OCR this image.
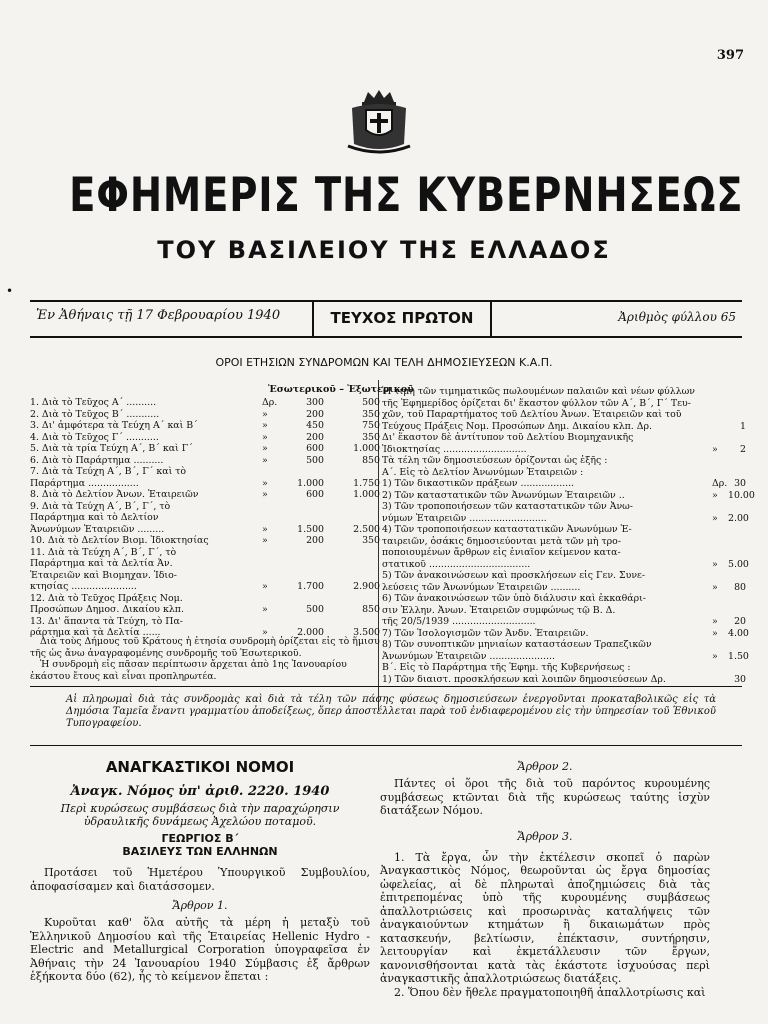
397
ΕΦΗΜΕΡΙΣ ΤΗΣ ΚΥΒΕΡΝΗΣΕΩΣ
ΤΟΥ ΒΑΣΙΛΕΙΟΥ ΤΗΣ ΕΛΛΑΔΟΣ
•
Ἐν Ἀθήναις τῇ 17 Φεβρουαρίου 1940	ΤΕΥΧΟΣ ΠΡΩΤΟΝ	Ἀριθμὸς φύλλου 65
ΟΡΟΙ ΕΤΗΣΙΩΝ ΣΥΝΔΡΟΜΩΝ ΚΑΙ ΤΕΛΗ ΔΗΜΟΣΙΕΥΣΕΩΝ Κ.Α.Π.
Ἐσωτερικοῦ – Ἐξωτερικοῦ
1. Διὰ τὸ Τεῦχος Α΄ ..........	Δρ.	300	500
2. Διὰ τὸ Τεῦχος Β΄ ...........	»	200	350
3. Δι' ἀμφότερα τὰ Τεύχη Α΄ καὶ Β΄	»	450	750
4. Διὰ τὸ Τεῦχος Γ΄ ...........	»	200	350
5. Διὰ τὰ τρία Τεύχη Α΄, Β΄ καὶ Γ΄	»	600	1.000
6. Διὰ τὸ Παράρτημα ..........	»	500	850
7. Διὰ τὰ Τεύχη Α΄, Β΄, Γ΄ καὶ τὸ
Παράρτημα .................	»	1.000	1.750
8. Διὰ τὸ Δελτίον Ἀνων. Ἑταιρειῶν	»	600	1.000
9. Διὰ τὰ Τεύχη Α΄, Β΄, Γ΄, τὸ
Παράρτημα καὶ τὸ Δελτίον
Ἀνωνύμων Ἑταιρειῶν .........	»	1.500	2.500
10. Διὰ τὸ Δελτίον Βιομ. Ἰδιοκτησίας	»	200	350
11. Διὰ τὰ Τεύχη Α΄, Β΄, Γ΄, τὸ
Παράρτημα καὶ τὰ Δελτία Ἀν.
Ἑταιρειῶν καὶ Βιομηχαν. Ἰδιο-
κτησίας ......................	»	1.700	2.900
12. Διὰ τὸ Τεῦχος Πράξεις Νομ.
Προσώπων Δημοσ. Δικαίου κλπ.	»	500	850
13. Δι' ἅπαντα τὰ Τεύχη, τὸ Πα-
ράρτημα καὶ τὰ Δελτία ......	»	2.000	3.500

Διὰ τοὺς Δήμους τοῦ Κράτους ἡ ἐτησία συνδρομὴ ὁρίζεται εἰς τὸ ἥμισυ τῆς ὡς ἄνω ἀναγραφομένης συνδρομῆς τοῦ Ἐσωτερικοῦ.

Ἡ συνδρομὴ εἰς πᾶσαν περίπτωσιν ἄρχεται ἀπὸ 1ης Ἰανουαρίου ἑκάστου ἔτους καὶ εἶναι προπληρωτέα.

Ἡ τιμὴ τῶν τιμηματικῶς πωλουμένων παλαιῶν καὶ νέων φύλλων
τῆς Ἐφημερίδος ὁρίζεται δι' ἕκαστον φύλλον τῶν Α΄, Β΄, Γ΄ Τευ-
χῶν, τοῦ Παραρτήματος τοῦ Δελτίου Ἀνων. Ἑταιρειῶν καὶ τοῦ
Τεύχους Πράξεις Νομ. Προσώπων Δημ. Δικαίου κλπ. Δρ.	1
Δι' ἕκαστον δὲ ἀντίτυπον τοῦ Δελτίου Βιομηχανικῆς
Ἰδιοκτησίας ............................	»	2
Τὰ τέλη τῶν δημοσιεύσεων ὁρίζονται ὡς ἑξῆς :
Α΄. Εἰς τὸ Δελτίον Ἀνωνύμων Ἑταιρειῶν :
1) Τῶν δικαστικῶν πράξεων ..................	Δρ. 30
2) Τῶν καταστατικῶν τῶν Ἀνωνύμων Ἑταιρειῶν ..	» 10.00
3) Τῶν τροποποιήσεων τῶν καταστατικῶν τῶν Ἀνω-
νύμων Ἑταιρειῶν ..........................	» 2.00
4) Τῶν τροποποιήσεων καταστατικῶν Ἀνωνύμων Ἑ-
ταιρειῶν, ὁσάκις δημοσιεύονται μετὰ τῶν μὴ τρο-
ποποιουμένων ἄρθρων εἰς ἑνιαῖον κείμενον κατα-
στατικοῦ ..................................	» 5.00
5) Τῶν ἀνακοινώσεων καὶ προσκλήσεων εἰς Γεν. Συνε-
λεύσεις τῶν Ἀνωνύμων Ἑταιρειῶν ..........	»	80
6) Τῶν ἀνακοινώσεων τῶν ὑπὸ διάλυσιν καὶ ἐκκαθάρι-
σιν Ἑλλην. Ἀνων. Ἑταιρειῶν συμφώνως τῷ Β. Δ.
τῆς 20/5/1939 ............................	»	20
7) Τῶν Ἰσολογισμῶν τῶν Ἀνδν. Ἑταιρειῶν.	» 4.00
8) Τῶν συνοπτικῶν μηνιαίων καταστάσεων Τραπεζικῶν
Ἀνωνύμων Ἑταιρειῶν ......................	» 1.50
Β΄. Εἰς τὸ Παράρτημα τῆς Ἐφημ. τῆς Κυβερνήσεως :
1) Τῶν διαιστ. προσκλήσεων καὶ λοιπῶν δημοσιεύσεων Δρ.	30
Αἱ πληρωμαὶ διὰ τὰς συνδρομὰς καὶ διὰ τὰ τέλη τῶν πάσης φύσεως δημοσιεύσεων ἐνεργοῦνται προκαταβολικῶς εἰς τὰ Δημόσια Ταμεῖα ἔναντι γραμματίου ἀποδείξεως, ὅπερ ἀποστέλλεται παρὰ τοῦ ἐνδιαφερομένου εἰς τὴν ὑπηρεσίαν τοῦ Ἐθνικοῦ Τυπογραφείου.
ΑΝΑΓΚΑΣΤΙΚΟΙ ΝΟΜΟΙ
Ἀναγκ. Νόμος ὑπ' ἀριθ. 2220. 1940
Περὶ κυρώσεως συμβάσεως διὰ τὴν παραχώρησιν ὑδραυλικῆς δυνάμεως Ἀχελώου ποταμοῦ.
ΓΕΩΡΓΙΟΣ Β΄
ΒΑΣΙΛΕΥΣ ΤΩΝ ΕΛΛΗΝΩΝ

Προτάσει τοῦ Ἡμετέρου Ὑπουργικοῦ Συμβουλίου, ἀποφασίσαμεν καὶ διατάσσομεν.

Ἄρθρον 1.

Κυροῦται καθ' ὅλα αὐτῆς τὰ μέρη ἡ μεταξὺ τοῦ Ἑλληνικοῦ Δημοσίου καὶ τῆς Ἑταιρείας Hellenic Hydro - Electric and Metallurgical Corporation ὑπογραφεῖσα ἐν Ἀθήναις τὴν 24 Ἰανουαρίου 1940 Σύμβασις ἐξ ἄρθρων ἑξήκοντα δύο (62), ἧς τὸ κείμενον ἔπεται :

Ἄρθρον 2.

Πάντες οἱ ὅροι τῆς διὰ τοῦ παρόντος κυρουμένης συμβάσεως κτῶνται διὰ τῆς κυρώσεως ταύτης ἰσχὺν διατάξεων Νόμου.

Ἄρθρον 3.

1. Τὰ ἔργα, ὧν τὴν ἐκτέλεσιν σκοπεῖ ὁ παρὼν Ἀναγκαστικὸς Νόμος, θεωροῦνται ὡς ἔργα δημοσίας ὠφελείας, αἱ δὲ πληρωταὶ ἀποζημιώσεις διὰ τὰς ἐπιτρεπομένας ὑπὸ τῆς κυρουμένης συμβάσεως ἀπαλλοτριώσεις καὶ προσωρινὰς καταλήψεις τῶν ἀναγκαιούντων κτημάτων ἢ δικαιωμάτων πρὸς κατασκευήν, βελτίωσιν, ἐπέκτασιν, συντήρησιν, λειτουργίαν καὶ ἐκμετάλλευσιν τῶν ἔργων, κανονισθήσονται κατὰ τὰς ἑκάστοτε ἰσχυούσας περὶ ἀναγκαστικῆς ἀπαλλοτριώσεως διατάξεις.

2. Ὅπου δὲν ἤθελε πραγματοποιηθῆ ἀπαλλοτρίωσις καὶ
